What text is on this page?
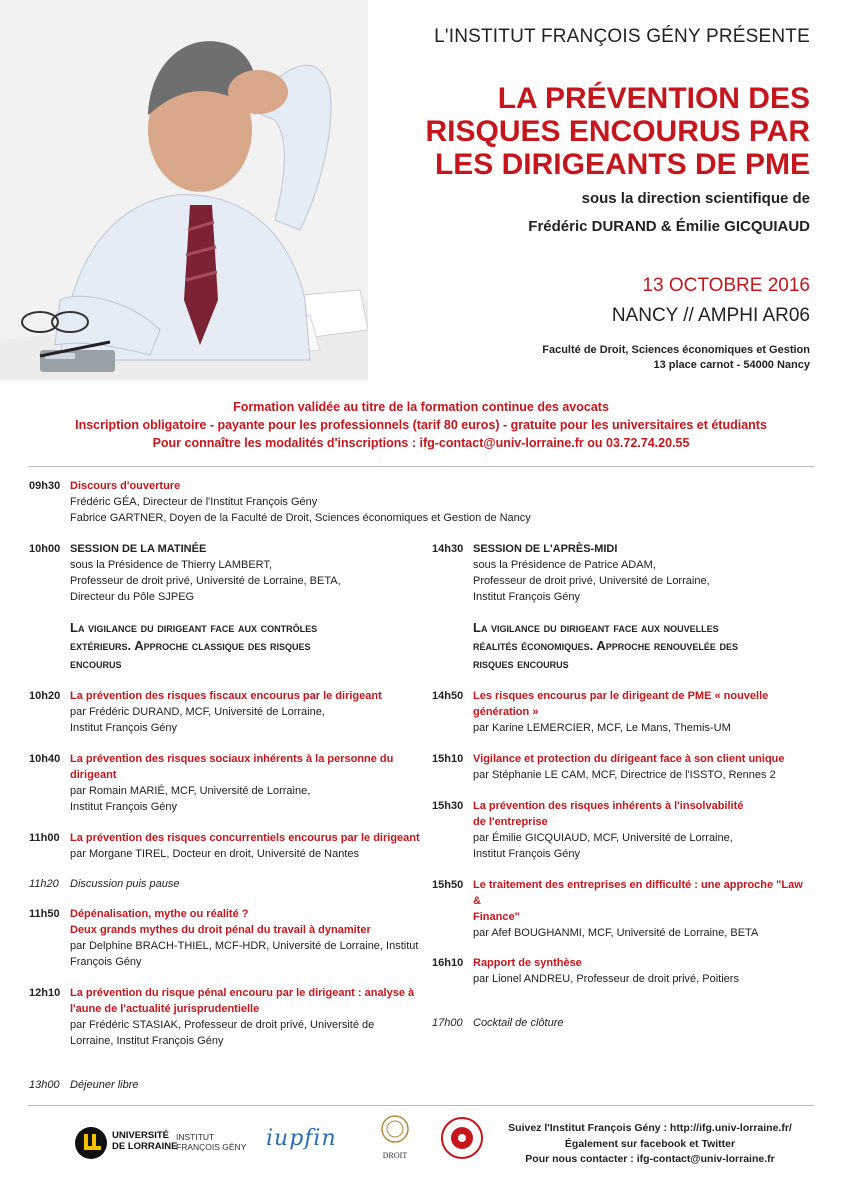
L'INSTITUT FRANÇOIS GÉNY PRÉSENTE
LA PRÉVENTION DES
RISQUES ENCOURUS PAR
LES DIRIGEANTS DE PME
sous la direction scientifique de
Frédéric DURAND & Émilie GICQUIAUD
13 OCTOBRE 2016
NANCY // AMPHI AR06
Faculté de Droit, Sciences économiques et Gestion
13 place carnot - 54000 Nancy
Formation validée au titre de la formation continue des avocats
Inscription obligatoire - payante pour les professionnels (tarif 80 euros) - gratuite pour les universitaires et étudiants
Pour connaître les modalités d'inscriptions : ifg-contact@univ-lorraine.fr ou 03.72.74.20.55
09h30 Discours d'ouverture
Frédéric GÉA, Directeur de l'Institut François Gény
Fabrice GARTNER, Doyen de la Faculté de Droit, Sciences économiques et Gestion de Nancy
10h00 SESSION DE LA MATINÉE
sous la Présidence de Thierry LAMBERT,
Professeur de droit privé, Université de Lorraine, BETA,
Directeur du Pôle SJPEG
La vigilance du dirigeant face aux contrôles
extérieurs. Approche classique des risques
encourus
10h20 La prévention des risques fiscaux encourus par le dirigeant
par Frédéric DURAND, MCF, Université de Lorraine,
Institut François Gény
10h40 La prévention des risques sociaux inhérents à la personne du
dirigeant
par Romain MARIÉ, MCF, Université de Lorraine,
Institut François Gény
11h00 La prévention des risques concurrentiels encourus par le dirigeant
par Morgane TIREL, Docteur en droit, Université de Nantes
11h20 Discussion puis pause
11h50 Dépénalisation, mythe ou réalité ?
Deux grands mythes du droit pénal du travail à dynamiter
par Delphine BRACH-THIEL, MCF-HDR, Université de Lorraine, Institut
François Gény
12h10 La prévention du risque pénal encouru par le dirigeant : analyse à
l'aune de l'actualité jurisprudentielle
par Frédéric STASIAK, Professeur de droit privé, Université de
Lorraine, Institut François Gény
13h00 Déjeuner libre
14h30 SESSION DE L'APRÈS-MIDI
sous la Présidence de Patrice ADAM,
Professeur de droit privé, Université de Lorraine,
Institut François Gény
La vigilance du dirigeant face aux nouvelles
réalités économiques. Approche renouvelée des
risques encourus
14h50 Les risques encourus par le dirigeant de PME « nouvelle
génération »
par Karine LEMERCIER, MCF, Le Mans, Themis-UM
15h10 Vigilance et protection du dirigeant face à son client unique
par Stéphanie LE CAM, MCF, Directrice de l'ISSTO, Rennes 2
15h30 La prévention des risques inhérents à l'insolvabilité
de l'entreprise
par Émilie GICQUIAUD, MCF, Université de Lorraine,
Institut François Gény
15h50 Le traitement des entreprises en difficulté : une approche "Law &
Finance"
par Afef BOUGHANMI, MCF, Université de Lorraine, BETA
16h10 Rapport de synthèse
par Lionel ANDREU, Professeur de droit privé, Poitiers
17h00 Cocktail de clôture
UNIVERSITÉ
DE LORRAINE
INSTITUT
FRANÇOIS GÉNY iupfin
DROIT
Suivez l'Institut François Gény : http://ifg.univ-lorraine.fr/
Également sur facebook et Twitter
Pour nous contacter : ifg-contact@univ-lorraine.fr
